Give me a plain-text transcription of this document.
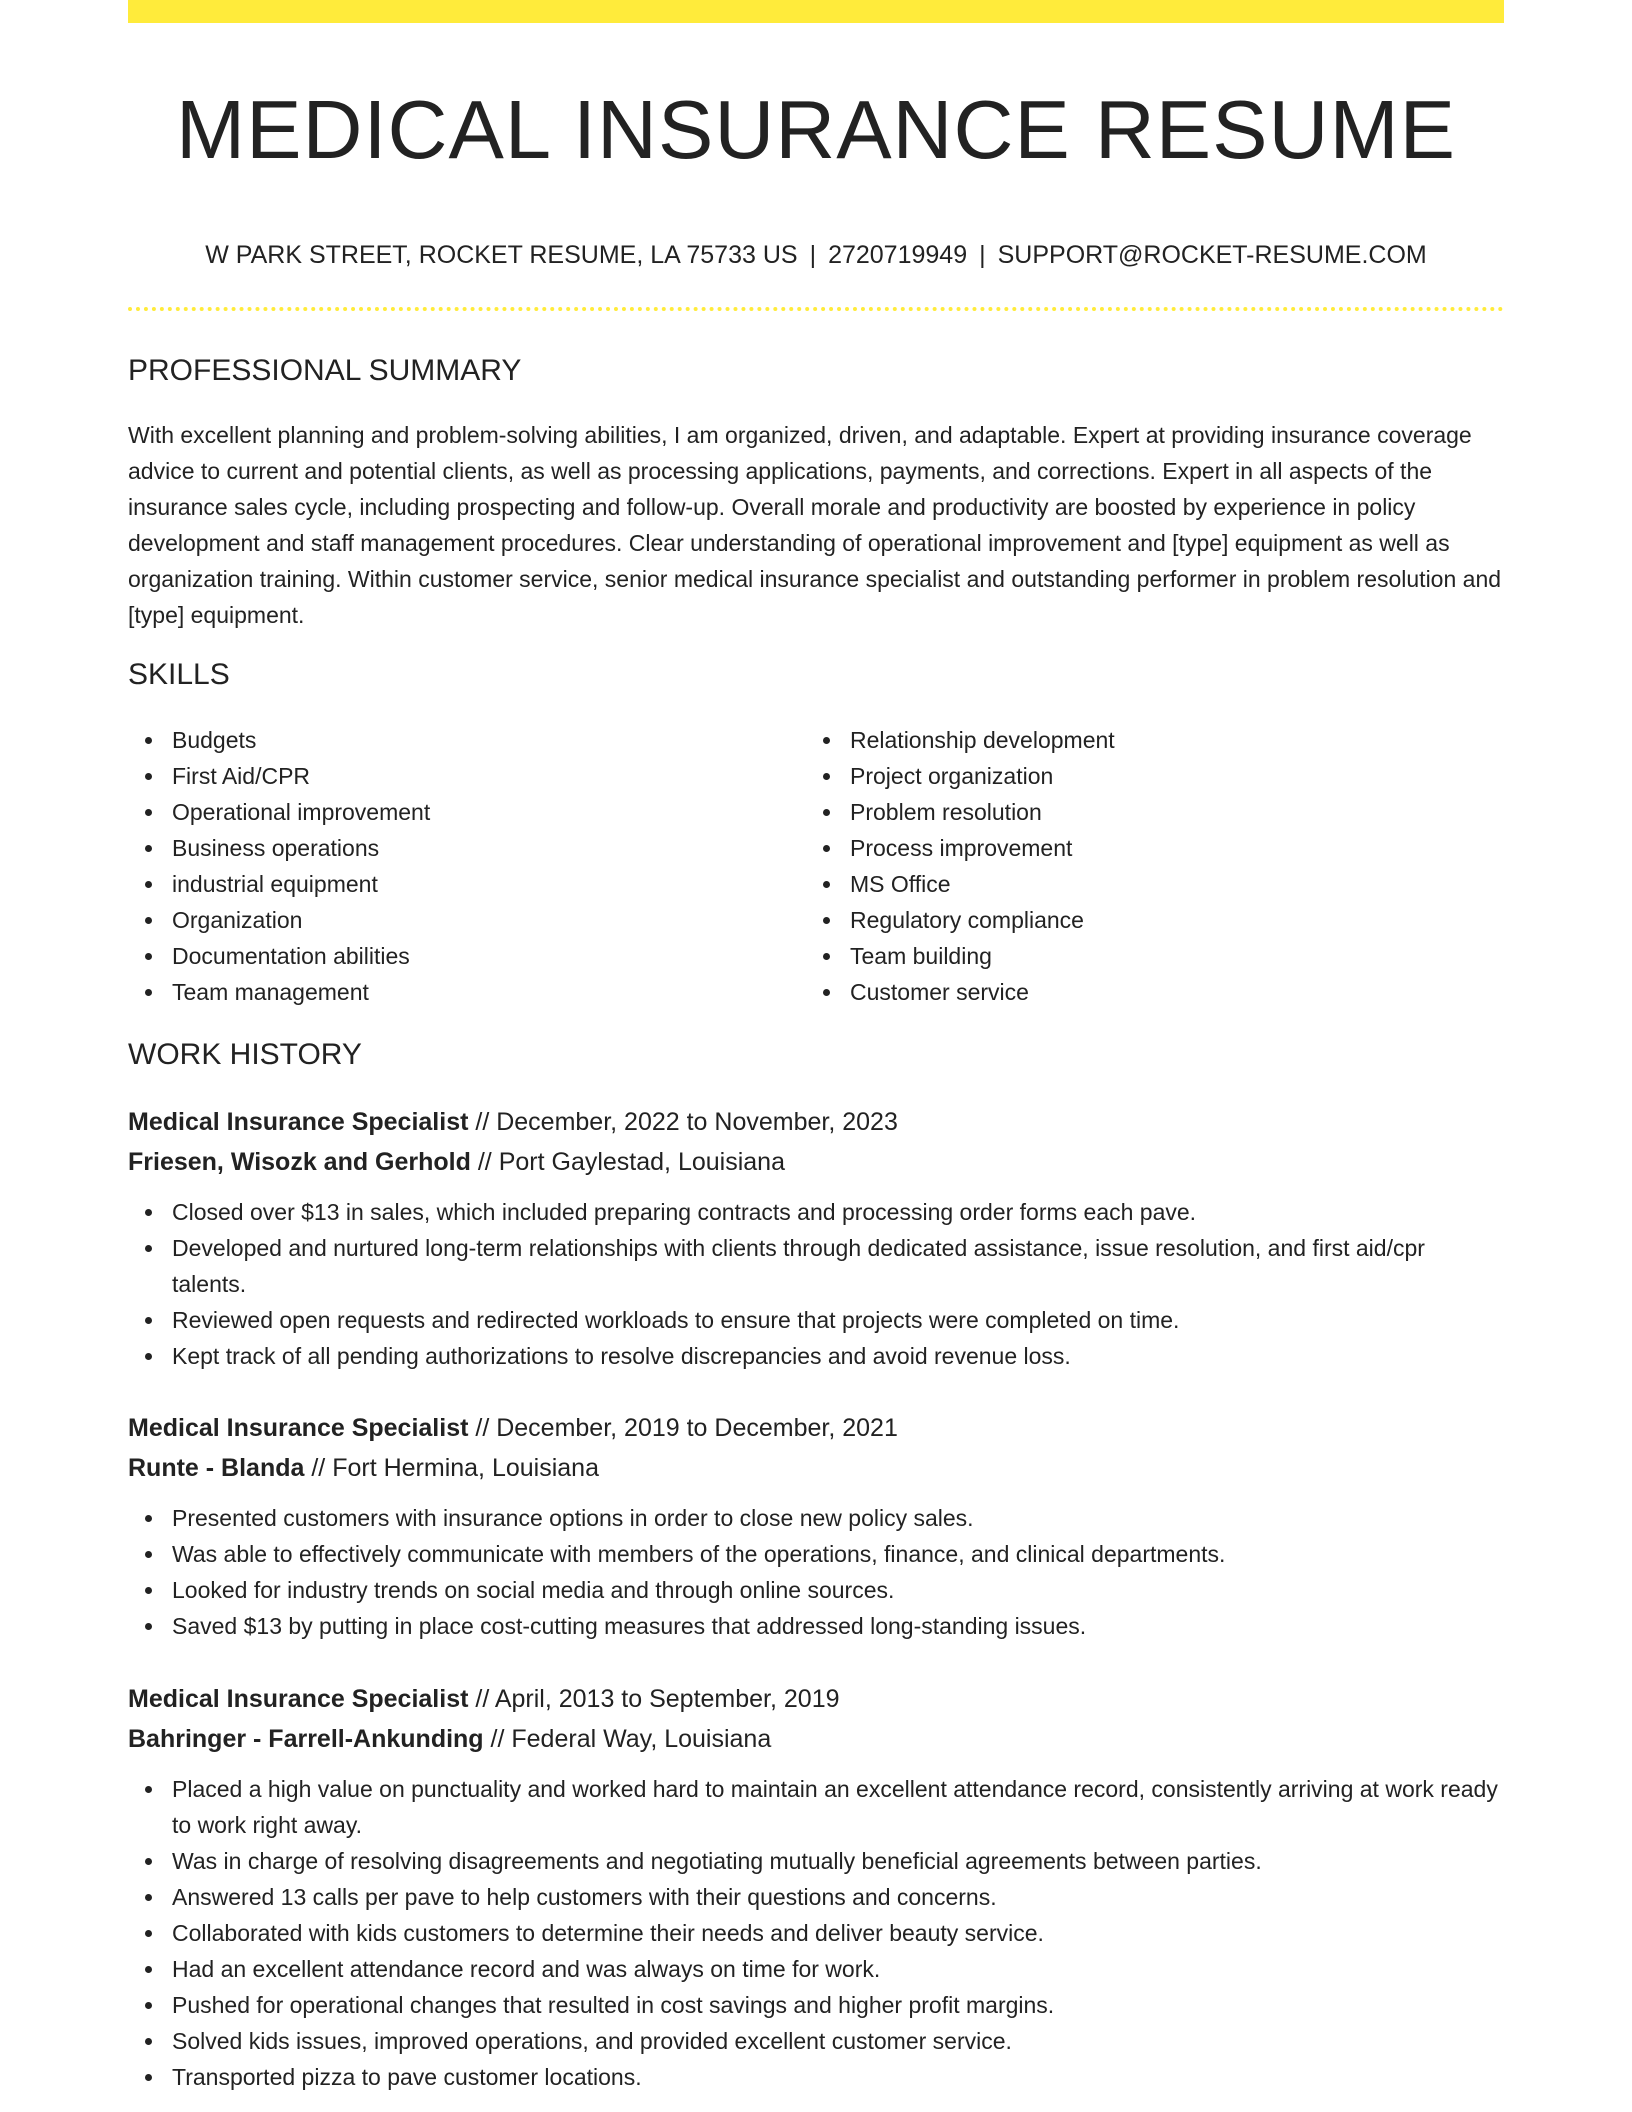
MEDICAL INSURANCE RESUME
W PARK STREET, ROCKET RESUME, LA 75733 US | 2720719949 | SUPPORT@ROCKET-RESUME.COM
PROFESSIONAL SUMMARY

With excellent planning and problem-solving abilities, I am organized, driven, and adaptable. Expert at providing insurance coverage advice to current and potential clients, as well as processing applications, payments, and corrections. Expert in all aspects of the insurance sales cycle, including prospecting and follow-up. Overall morale and productivity are boosted by experience in policy development and staff management procedures. Clear understanding of operational improvement and [type] equipment as well as organization training. Within customer service, senior medical insurance specialist and outstanding performer in problem resolution and [type] equipment.

SKILLS
Budgets
First Aid/CPR
Operational improvement
Business operations
industrial equipment
Organization
Documentation abilities
Team management
Relationship development
Project organization
Problem resolution
Process improvement
MS Office
Regulatory compliance
Team building
Customer service
WORK HISTORY
Medical Insurance Specialist // December, 2022 to November, 2023
Friesen, Wisozk and Gerhold // Port Gaylestad, Louisiana
Closed over $13 in sales, which included preparing contracts and processing order forms each pave.
Developed and nurtured long-term relationships with clients through dedicated assistance, issue resolution, and first aid/cpr talents.
Reviewed open requests and redirected workloads to ensure that projects were completed on time.
Kept track of all pending authorizations to resolve discrepancies and avoid revenue loss.
Medical Insurance Specialist // December, 2019 to December, 2021
Runte - Blanda // Fort Hermina, Louisiana
Presented customers with insurance options in order to close new policy sales.
Was able to effectively communicate with members of the operations, finance, and clinical departments.
Looked for industry trends on social media and through online sources.
Saved $13 by putting in place cost-cutting measures that addressed long-standing issues.
Medical Insurance Specialist // April, 2013 to September, 2019
Bahringer - Farrell-Ankunding // Federal Way, Louisiana
Placed a high value on punctuality and worked hard to maintain an excellent attendance record, consistently arriving at work ready to work right away.
Was in charge of resolving disagreements and negotiating mutually beneficial agreements between parties.
Answered 13 calls per pave to help customers with their questions and concerns.
Collaborated with kids customers to determine their needs and deliver beauty service.
Had an excellent attendance record and was always on time for work.
Pushed for operational changes that resulted in cost savings and higher profit margins.
Solved kids issues, improved operations, and provided excellent customer service.
Transported pizza to pave customer locations.
